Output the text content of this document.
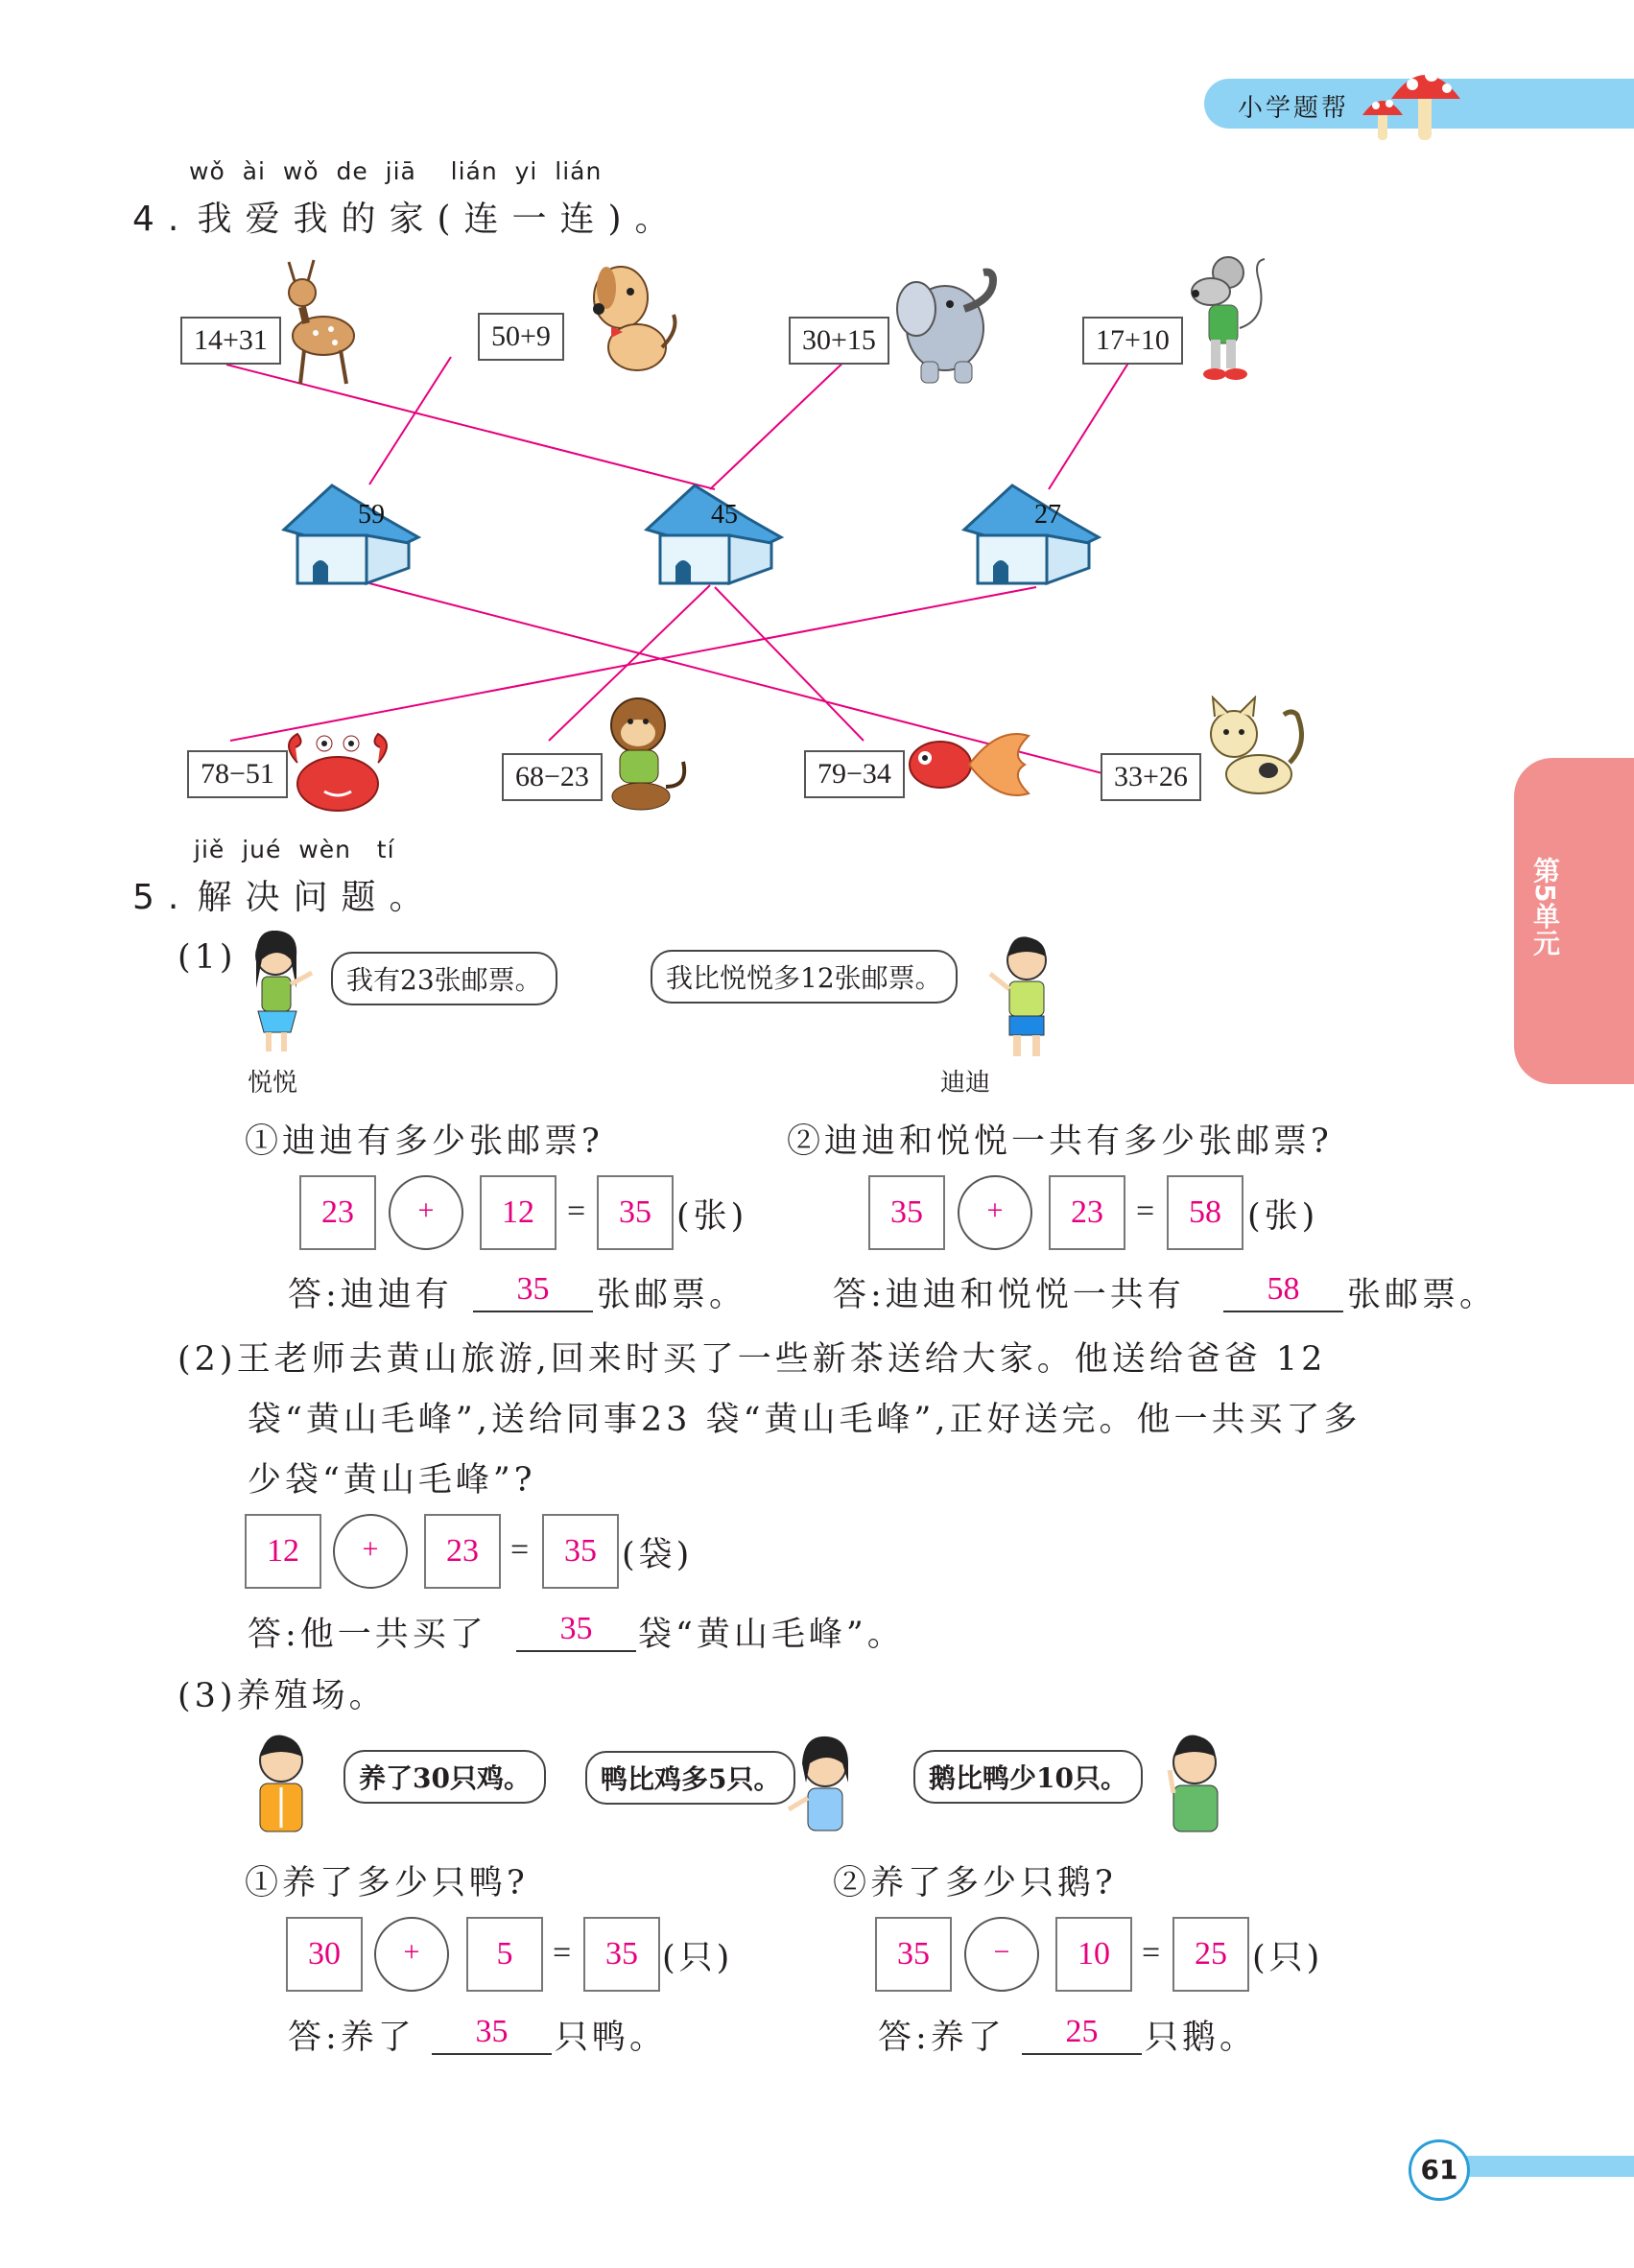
小学题帮
第5单元
wǒ ài wǒ de jiā lián yi lián
4. 我爱我的家(连一连)。
14+31	50+9	30+15	17+10
59	45	27
78−51	68−23	79−34	33+26
jiě jué wèn tí
5. 解决问题。
(1)
悦悦
我有23张邮票。	我比悦悦多12张邮票。
迪迪
①迪迪有多少张邮票?	②迪迪和悦悦一共有多少张邮票?
23	+	12	=	35 (张)	35	+	23	=	58 (张)
答:迪迪有	35	张邮票。	答:迪迪和悦悦一共有	58	张邮票。
(2)王老师去黄山旅游,回来时买了一些新茶送给大家。他送给爸爸 12
袋“黄山毛峰”,送给同事23 袋“黄山毛峰”,正好送完。他一共买了多
少袋“黄山毛峰”?
12	+	23 =	35 (袋)
答:他一共买了	35	袋“黄山毛峰”。
(3)养殖场。
养了30只鸡。	鸭比鸡多5只。	鹅比鸭少10只。
①养了多少只鸭?	②养了多少只鹅?
30	+	5	=	35 (只)	35	−	10 =	25 (只)
答:养了	35	只鸭。	答:养了	25	只鹅。
61
